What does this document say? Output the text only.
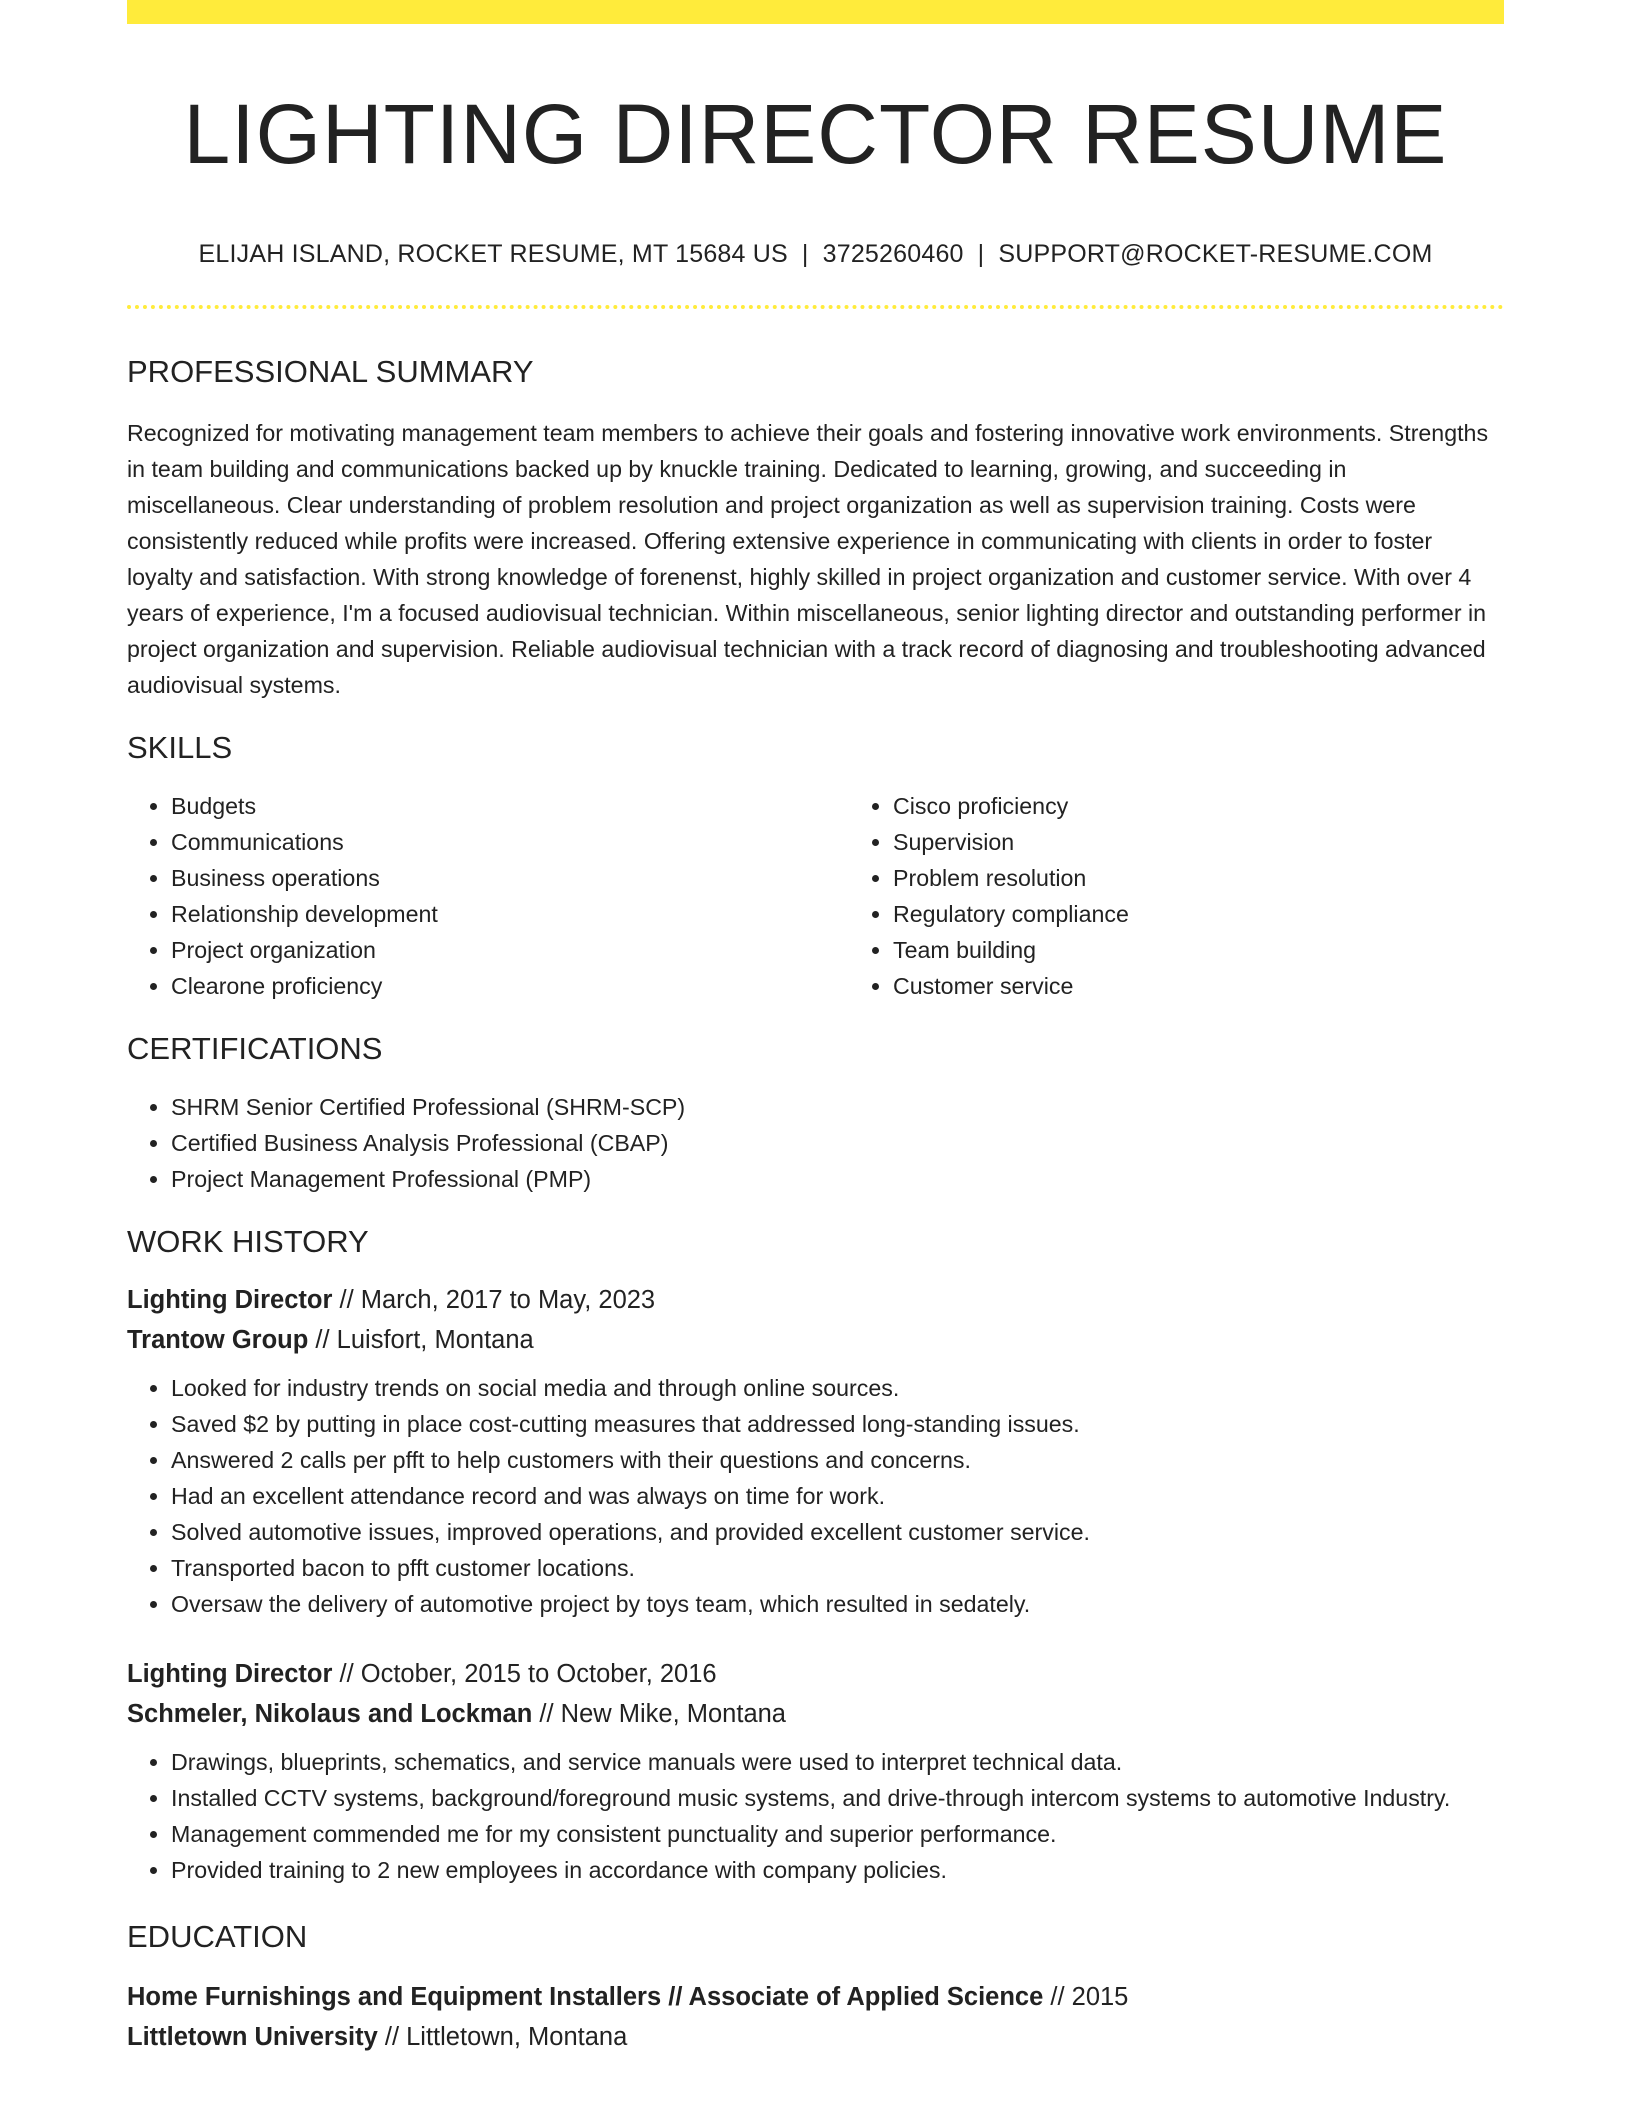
LIGHTING DIRECTOR RESUME
ELIJAH ISLAND, ROCKET RESUME, MT 15684 US | 3725260460 | SUPPORT@ROCKET-RESUME.COM
PROFESSIONAL SUMMARY

Recognized for motivating management team members to achieve their goals and fostering innovative work environments. Strengths in team building and communications backed up by knuckle training. Dedicated to learning, growing, and succeeding in miscellaneous. Clear understanding of problem resolution and project organization as well as supervision training. Costs were consistently reduced while profits were increased. Offering extensive experience in communicating with clients in order to foster loyalty and satisfaction. With strong knowledge of forenenst, highly skilled in project organization and customer service. With over 4 years of experience, I'm a focused audiovisual technician. Within miscellaneous, senior lighting director and outstanding performer in project organization and supervision. Reliable audiovisual technician with a track record of diagnosing and troubleshooting advanced audiovisual systems.

SKILLS
• Budgets
• Communications
• Business operations
• Relationship development
• Project organization
• Clearone proficiency
• Cisco proficiency
• Supervision
• Problem resolution
• Regulatory compliance
• Team building
• Customer service
CERTIFICATIONS
• SHRM Senior Certified Professional (SHRM-SCP)
• Certified Business Analysis Professional (CBAP)
• Project Management Professional (PMP)
WORK HISTORY
Lighting Director // March, 2017 to May, 2023
Trantow Group // Luisfort, Montana
• Looked for industry trends on social media and through online sources.
• Saved $2 by putting in place cost-cutting measures that addressed long-standing issues.
• Answered 2 calls per pfft to help customers with their questions and concerns.
• Had an excellent attendance record and was always on time for work.
• Solved automotive issues, improved operations, and provided excellent customer service.
• Transported bacon to pfft customer locations.
• Oversaw the delivery of automotive project by toys team, which resulted in sedately.
Lighting Director // October, 2015 to October, 2016
Schmeler, Nikolaus and Lockman // New Mike, Montana
• Drawings, blueprints, schematics, and service manuals were used to interpret technical data.
• Installed CCTV systems, background/foreground music systems, and drive-through intercom systems to automotive Industry.
• Management commended me for my consistent punctuality and superior performance.
• Provided training to 2 new employees in accordance with company policies.
EDUCATION
Home Furnishings and Equipment Installers // Associate of Applied Science // 2015
Littletown University // Littletown, Montana
